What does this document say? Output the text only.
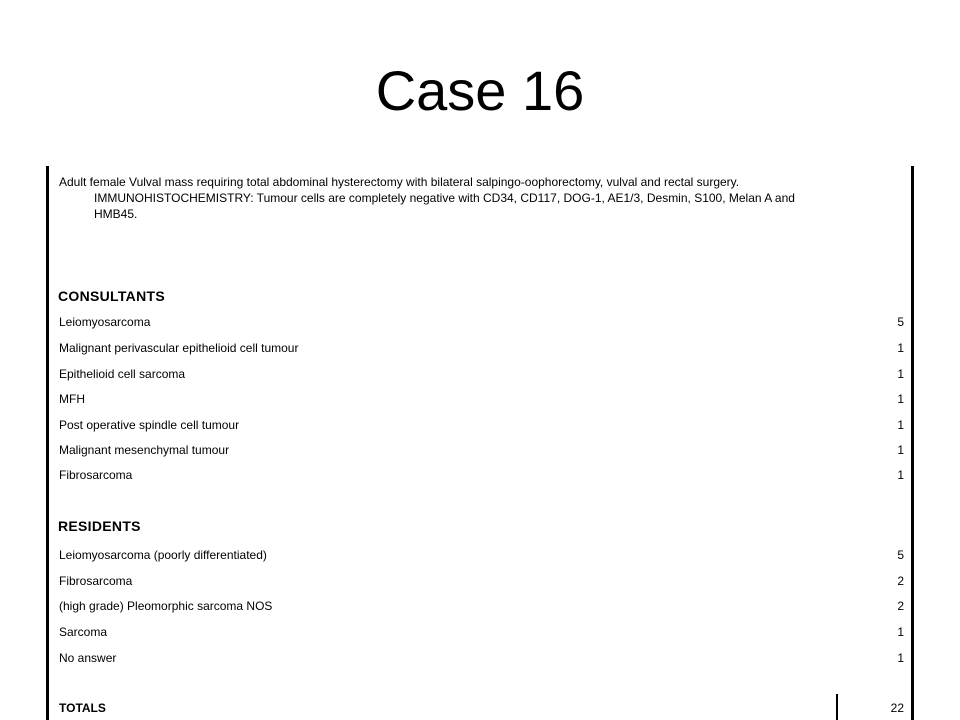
Case 16
Adult female Vulval mass requiring total abdominal hysterectomy with bilateral salpingo-oophorectomy, vulval and rectal surgery.
IMMUNOHISTOCHEMISTRY: Tumour cells are completely negative with CD34, CD117, DOG-1, AE1/3, Desmin, S100, Melan A and HMB45.
CONSULTANTS
Leiomyosarcoma	5
Malignant perivascular epithelioid cell tumour	1
Epithelioid cell sarcoma	1
MFH	1
Post operative spindle cell tumour	1
Malignant mesenchymal tumour	1
Fibrosarcoma	1
RESIDENTS
Leiomyosarcoma (poorly differentiated)	5
Fibrosarcoma	2
(high grade) Pleomorphic sarcoma NOS	2
Sarcoma	1
No answer	1
TOTALS	22
